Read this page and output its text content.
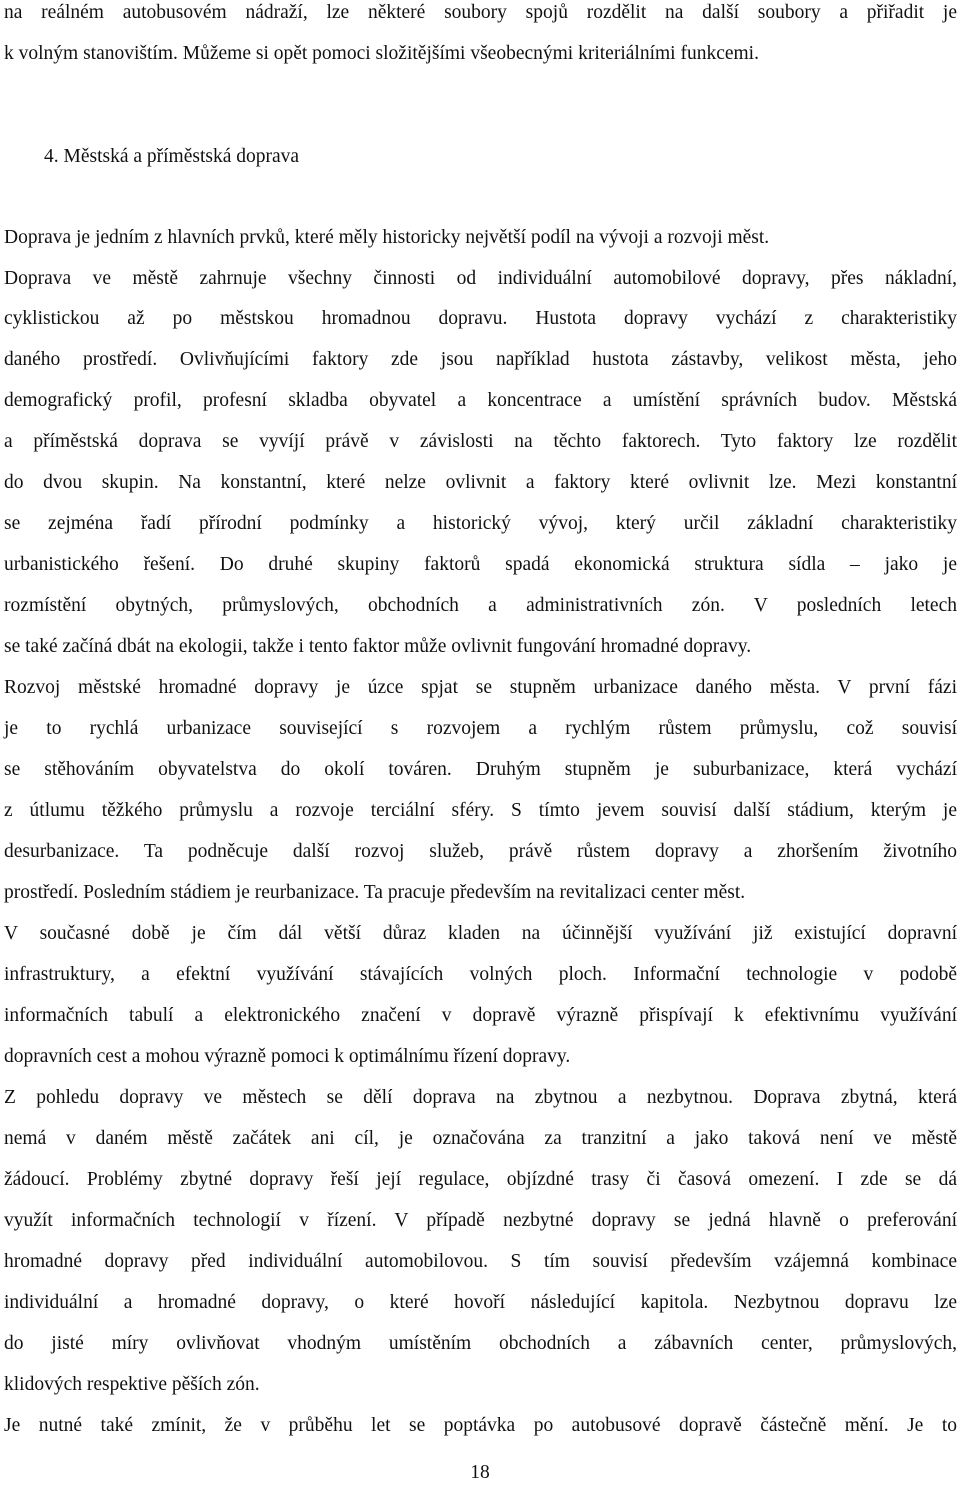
na reálném autobusovém nádraží, lze některé soubory spojů rozdělit na další soubory a přiřadit je
k volným stanovištím. Můžeme si opět pomoci složitějšími všeobecnými kriteriálními funkcemi.
4. Městská a příměstská doprava
Doprava je jedním z hlavních prvků, které měly historicky největší podíl na vývoji a rozvoji měst.
Doprava ve městě zahrnuje všechny činnosti od individuální automobilové dopravy, přes nákladní,
cyklistickou až po městskou hromadnou dopravu. Hustota dopravy vychází z charakteristiky
daného prostředí. Ovlivňujícími faktory zde jsou například hustota zástavby, velikost města, jeho
demografický profil, profesní skladba obyvatel a koncentrace a umístění správních budov. Městská
a příměstská doprava se vyvíjí právě v závislosti na těchto faktorech. Tyto faktory lze rozdělit
do dvou skupin. Na konstantní, které nelze ovlivnit a faktory které ovlivnit lze. Mezi konstantní
se zejména řadí přírodní podmínky a historický vývoj, který určil základní charakteristiky
urbanistického řešení. Do druhé skupiny faktorů spadá ekonomická struktura sídla – jako je
rozmístění obytných, průmyslových, obchodních a administrativních zón. V posledních letech
se také začíná dbát na ekologii, takže i tento faktor může ovlivnit fungování hromadné dopravy.
Rozvoj městské hromadné dopravy je úzce spjat se stupněm urbanizace daného města. V první fázi
je to rychlá urbanizace související s rozvojem a rychlým růstem průmyslu, což souvisí
se stěhováním obyvatelstva do okolí továren. Druhým stupněm je suburbanizace, která vychází
z útlumu těžkého průmyslu a rozvoje terciální sféry. S tímto jevem souvisí další stádium, kterým je
desurbanizace. Ta podněcuje další rozvoj služeb, právě růstem dopravy a zhoršením životního
prostředí. Posledním stádiem je reurbanizace. Ta pracuje především na revitalizaci center měst.
V současné době je čím dál větší důraz kladen na účinnější využívání již existující dopravní
infrastruktury, a efektní využívání stávajících volných ploch. Informační technologie v podobě
informačních tabulí a elektronického značení v dopravě výrazně přispívají k efektivnímu využívání
dopravních cest a mohou výrazně pomoci k optimálnímu řízení dopravy.
Z pohledu dopravy ve městech se dělí doprava na zbytnou a nezbytnou. Doprava zbytná, která
nemá v daném městě začátek ani cíl, je označována za tranzitní a jako taková není ve městě
žádoucí. Problémy zbytné dopravy řeší její regulace, objízdné trasy či časová omezení. I zde se dá
využít informačních technologií v řízení. V případě nezbytné dopravy se jedná hlavně o preferování
hromadné dopravy před individuální automobilovou. S tím souvisí především vzájemná kombinace
individuální a hromadné dopravy, o které hovoří následující kapitola. Nezbytnou dopravu lze
do jisté míry ovlivňovat vhodným umístěním obchodních a zábavních center, průmyslových,
klidových respektive pěších zón.
Je nutné také zmínit, že v průběhu let se poptávka po autobusové dopravě částečně mění. Je to
18
